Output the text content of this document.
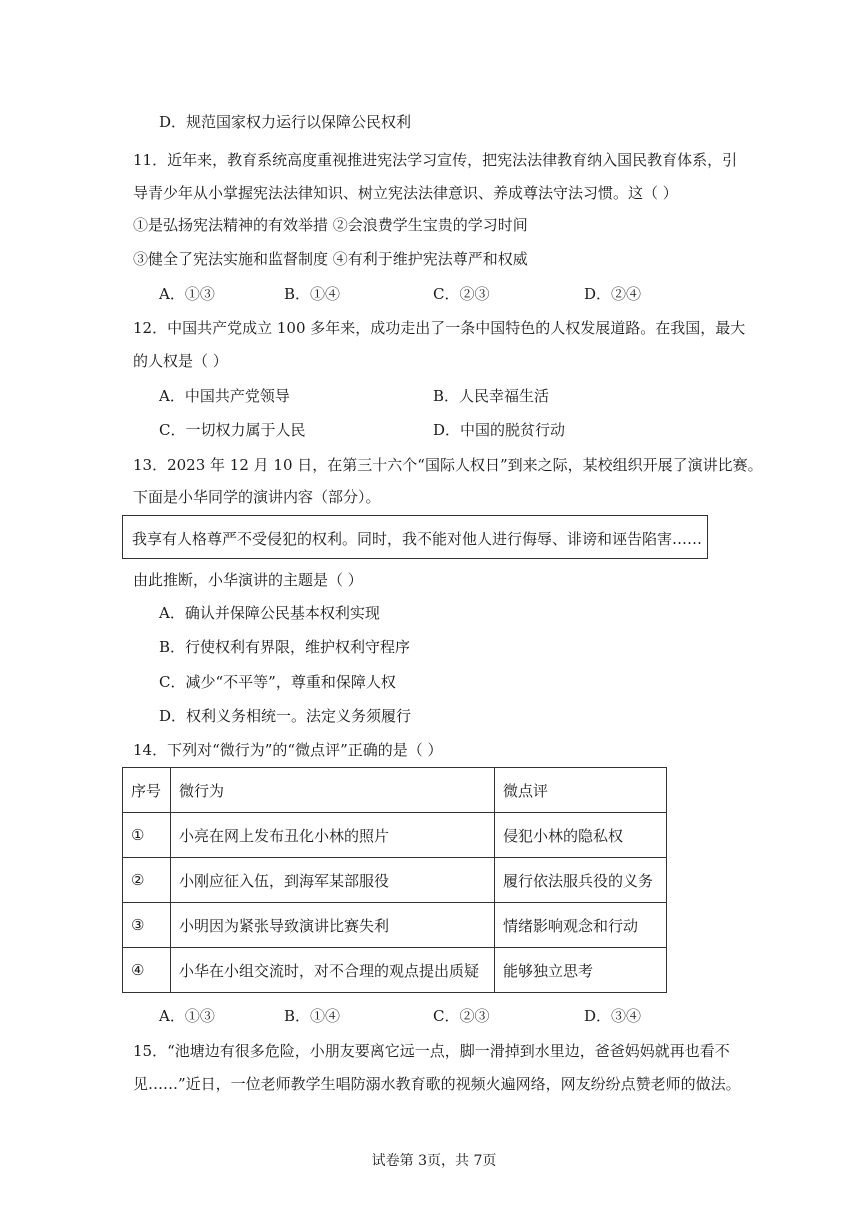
D．规范国家权力运行以保障公民权利
11．近年来，教育系统高度重视推进宪法学习宣传，把宪法法律教育纳入国民教育体系，引
导青少年从小掌握宪法法律知识、树立宪法法律意识、养成尊法守法习惯。这（ ）
①是弘扬宪法精神的有效举措 ②会浪费学生宝贵的学习时间
③健全了宪法实施和监督制度 ④有利于维护宪法尊严和权威
A．①③	B．①④	C．②③	D．②④
12．中国共产党成立 100 多年来，成功走出了一条中国特色的人权发展道路。在我国，最大
的人权是（ ）
A．中国共产党领导	B．人民幸福生活
C．一切权力属于人民	D．中国的脱贫行动
13．2023 年 12 月 10 日，在第三十六个“国际人权日”到来之际，某校组织开展了演讲比赛。
下面是小华同学的演讲内容（部分）。
我享有人格尊严不受侵犯的权利。同时，我不能对他人进行侮辱、诽谤和诬告陷害……
由此推断，小华演讲的主题是（ ）
A．确认并保障公民基本权利实现
B．行使权利有界限，维护权利守程序
C．减少“不平等”，尊重和保障人权
D．权利义务相统一。法定义务须履行
14．下列对“微行为”的“微点评”正确的是（ ）
序号	微行为	微点评
①	小亮在网上发布丑化小林的照片	侵犯小林的隐私权
②	小刚应征入伍，到海军某部服役	履行依法服兵役的义务
③	小明因为紧张导致演讲比赛失利	情绪影响观念和行动
④	小华在小组交流时，对不合理的观点提出质疑	能够独立思考
A．①③	B．①④	C．②③	D．③④
15．“池塘边有很多危险，小朋友要离它远一点，脚一滑掉到水里边，爸爸妈妈就再也看不
见……”近日，一位老师教学生唱防溺水教育歌的视频火遍网络，网友纷纷点赞老师的做法。
试卷第 3页，共 7页
